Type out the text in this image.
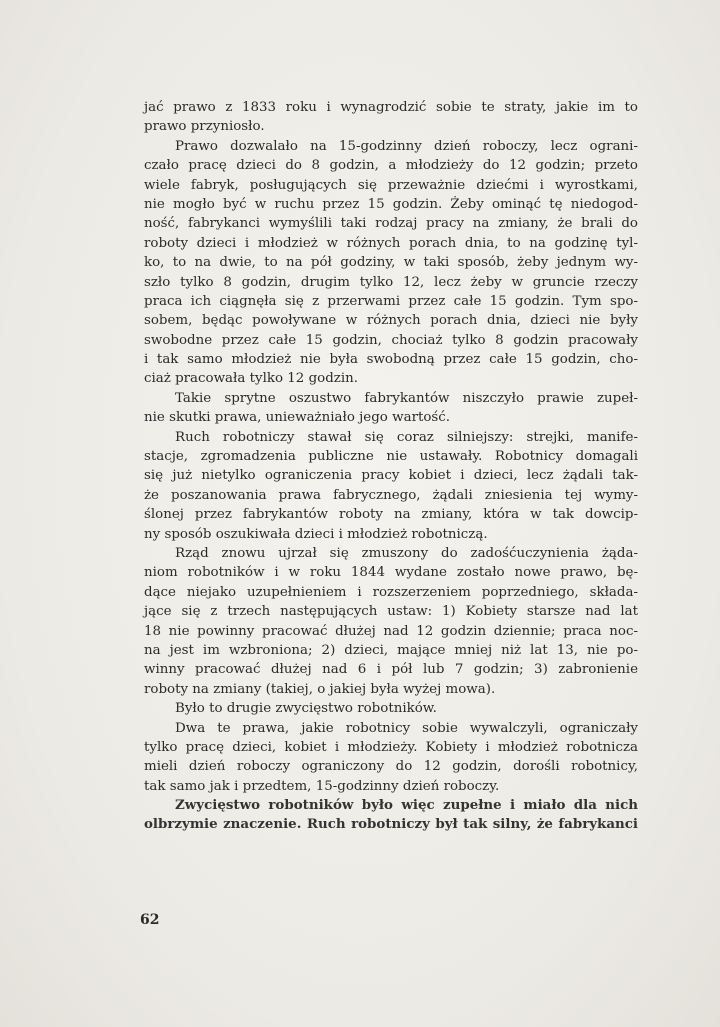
jać prawo z 1833 roku i wynagrodzić sobie te straty, jakie im to
prawo przyniosło.
Prawo dozwalało na 15-godzinny dzień roboczy, lecz ograni-
czało pracę dzieci do 8 godzin, a młodzieży do 12 godzin; przeto
wiele fabryk, posługujących się przeważnie dziećmi i wyrostkami,
nie mogło być w ruchu przez 15 godzin. Żeby ominąć tę niedogod-
ność, fabrykanci wymyślili taki rodzaj pracy na zmiany, że brali do
roboty dzieci i młodzież w różnych porach dnia, to na godzinę tyl-
ko, to na dwie, to na pół godziny, w taki sposób, żeby jednym wy-
szło tylko 8 godzin, drugim tylko 12, lecz żeby w gruncie rzeczy
praca ich ciągnęła się z przerwami przez całe 15 godzin. Tym spo-
sobem, będąc powoływane w różnych porach dnia, dzieci nie były
swobodne przez całe 15 godzin, chociaż tylko 8 godzin pracowały
i tak samo młodzież nie była swobodną przez całe 15 godzin, cho-
ciaż pracowała tylko 12 godzin.
Takie sprytne oszustwo fabrykantów niszczyło prawie zupeł-
nie skutki prawa, unieważniało jego wartość.
Ruch robotniczy stawał się coraz silniejszy: strejki, manife-
stacje, zgromadzenia publiczne nie ustawały. Robotnicy domagali
się już nietylko ograniczenia pracy kobiet i dzieci, lecz żądali tak-
że poszanowania prawa fabrycznego, żądali zniesienia tej wymy-
ślonej przez fabrykantów roboty na zmiany, która w tak dowcip-
ny sposób oszukiwała dzieci i młodzież robotniczą.
Rząd znowu ujrzał się zmuszony do zadośćuczynienia żąda-
niom robotników i w roku 1844 wydane zostało nowe prawo, bę-
dące niejako uzupełnieniem i rozszerzeniem poprzedniego, składa-
jące się z trzech następujących ustaw: 1) Kobiety starsze nad lat
18 nie powinny pracować dłużej nad 12 godzin dziennie; praca noc-
na jest im wzbroniona; 2) dzieci, mające mniej niż lat 13, nie po-
winny pracować dłużej nad 6 i pół lub 7 godzin; 3) zabronienie
roboty na zmiany (takiej, o jakiej była wyżej mowa).
Było to drugie zwycięstwo robotników.
Dwa te prawa, jakie robotnicy sobie wywalczyli, ograniczały
tylko pracę dzieci, kobiet i młodzieży. Kobiety i młodzież robotnicza
mieli dzień roboczy ograniczony do 12 godzin, dorośli robotnicy,
tak samo jak i przedtem, 15-godzinny dzień roboczy.
Zwycięstwo robotników było więc zupełne i miało dla nich
olbrzymie znaczenie. Ruch robotniczy był tak silny, że fabrykanci
62
